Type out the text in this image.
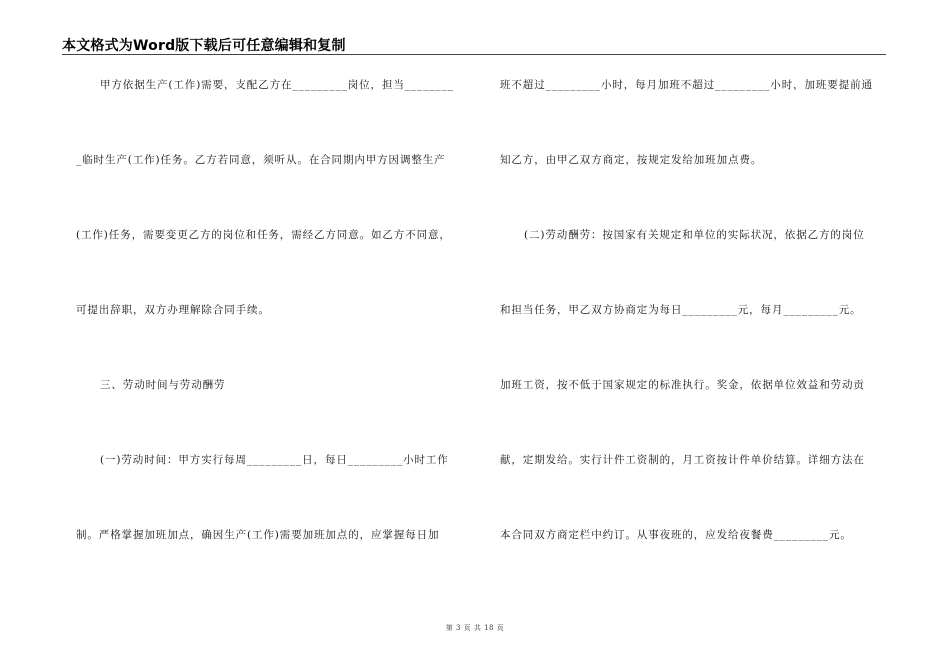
本文格式为Word版下载后可任意编辑和复制
甲方依据生产(工作)需要，支配乙方在_________岗位，担当________
_临时生产(工作)任务。乙方若同意，须听从。在合同期内甲方因调整生产
(工作)任务，需要变更乙方的岗位和任务，需经乙方同意。如乙方不同意，
可提出辞职，双方办理解除合同手续。
三、劳动时间与劳动酬劳
(一)劳动时间：甲方实行每周_________日，每日_________小时工作
制。严格掌握加班加点，确因生产(工作)需要加班加点的，应掌握每日加
班不超过_________小时，每月加班不超过_________小时，加班要提前通
知乙方，由甲乙双方商定，按规定发给加班加点费。
(二)劳动酬劳：按国家有关规定和单位的实际状况，依据乙方的岗位
和担当任务，甲乙双方协商定为每日_________元，每月_________元。
加班工资，按不低于国家规定的标准执行。奖金，依据单位效益和劳动贡
献，定期发给。实行计件工资制的，月工资按计件单价结算。详细方法在
本合同双方商定栏中约订。从事夜班的，应发给夜餐费_________元。
第 3 页 共 18 页
